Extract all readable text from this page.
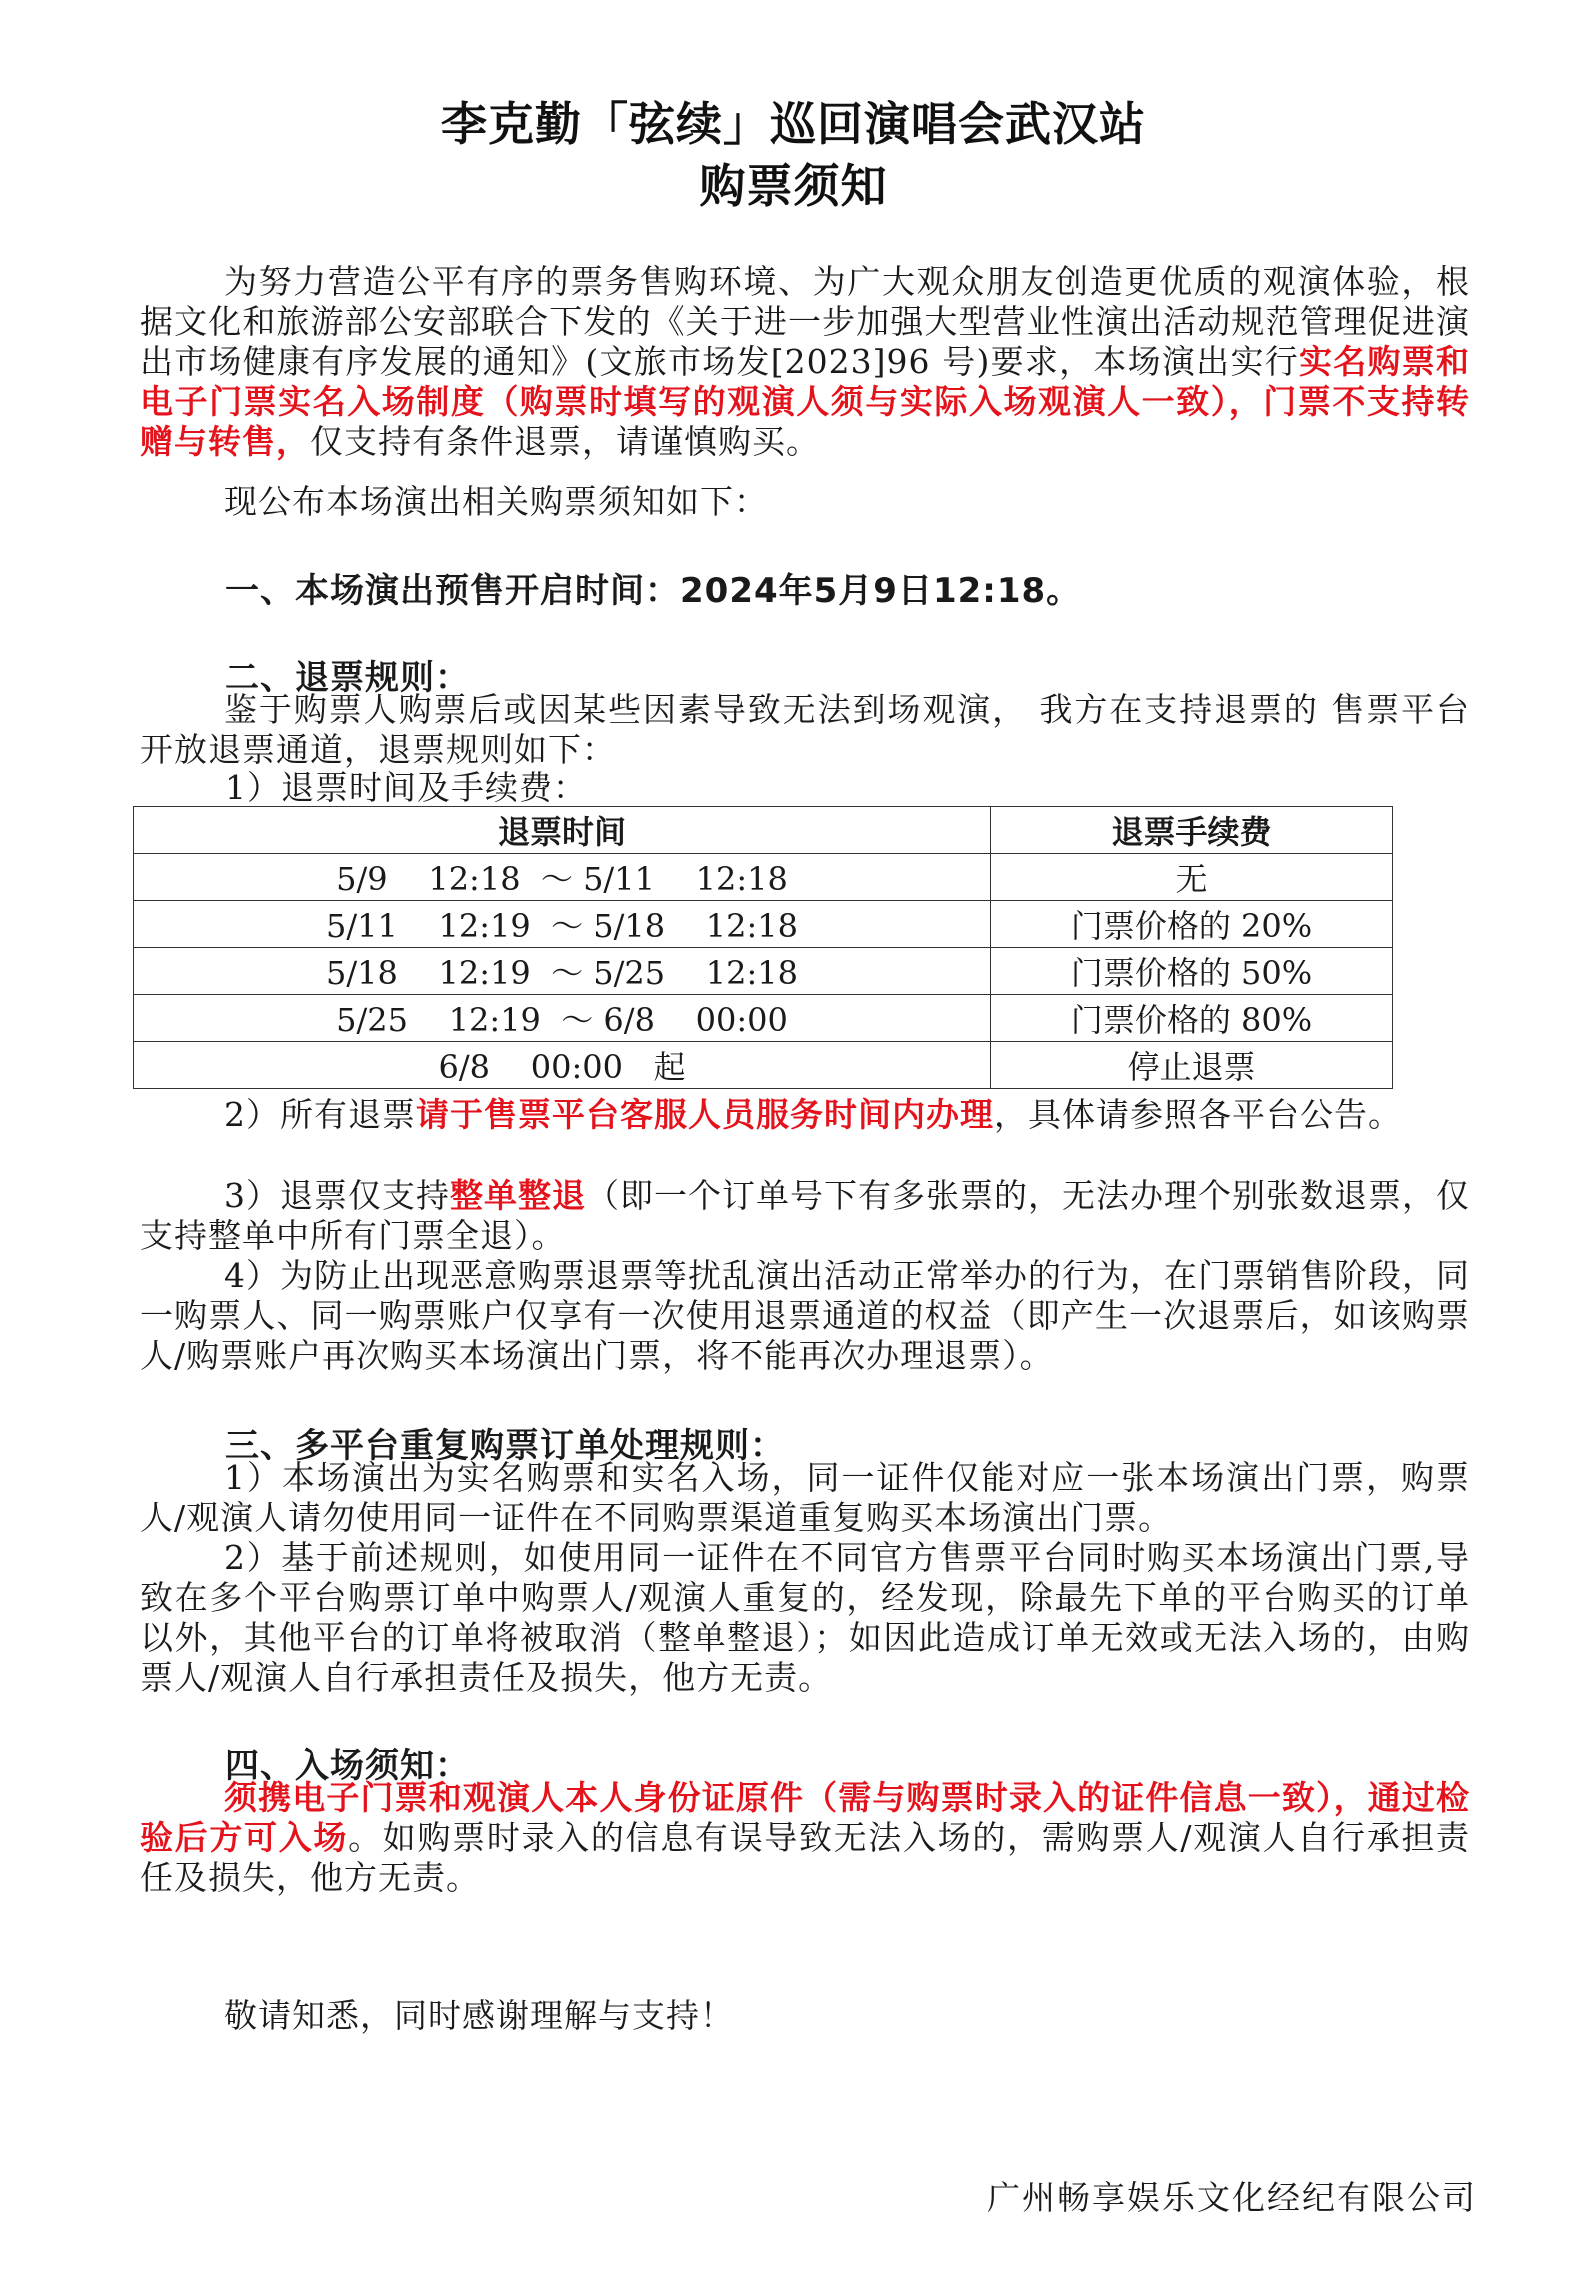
李克勤「弦续」巡回演唱会武汉站
购票须知
为努力营造公平有序的票务售购环境、为广大观众朋友创造更优质的观演体验，根据文化和旅游部公安部联合下发的《关于进一步加强大型营业性演出活动规范管理促进演出市场健康有序发展的通知》(文旅市场发[2023]96 号)要求，本场演出实行实名购票和电子门票实名入场制度（购票时填写的观演人须与实际入场观演人一致），门票不支持转赠与转售，仅支持有条件退票，请谨慎购买。
现公布本场演出相关购票须知如下：
一、本场演出预售开启时间：2024年5月9日12:18。
二、退票规则：
鉴于购票人购票后或因某些因素导致无法到场观演， 我方在支持退票的 售票平台开放退票通道，退票规则如下：
1）退票时间及手续费：
退票时间	退票手续费
5/9    12:18  ～ 5/11    12:18	无
5/11    12:19  ～ 5/18    12:18	门票价格的 20%
5/18    12:19  ～ 5/25    12:18	门票价格的 50%
5/25    12:19  ～ 6/8    00:00	门票价格的 80%
6/8    00:00   起	停止退票
2）所有退票请于售票平台客服人员服务时间内办理，具体请参照各平台公告。
3）退票仅支持整单整退（即一个订单号下有多张票的，无法办理个别张数退票，仅支持整单中所有门票全退）。
4）为防止出现恶意购票退票等扰乱演出活动正常举办的行为，在门票销售阶段，同一购票人、同一购票账户仅享有一次使用退票通道的权益（即产生一次退票后，如该购票人/购票账户再次购买本场演出门票，将不能再次办理退票）。
三、多平台重复购票订单处理规则：
1）本场演出为实名购票和实名入场，同一证件仅能对应一张本场演出门票，购票人/观演人请勿使用同一证件在不同购票渠道重复购买本场演出门票。
2）基于前述规则，如使用同一证件在不同官方售票平台同时购买本场演出门票,导致在多个平台购票订单中购票人/观演人重复的，经发现，除最先下单的平台购买的订单以外，其他平台的订单将被取消（整单整退）；如因此造成订单无效或无法入场的，由购票人/观演人自行承担责任及损失，他方无责。
四、入场须知：
须携电子门票和观演人本人身份证原件（需与购票时录入的证件信息一致），通过检验后方可入场。如购票时录入的信息有误导致无法入场的，需购票人/观演人自行承担责任及损失，他方无责。
敬请知悉，同时感谢理解与支持！
广州畅享娱乐文化经纪有限公司
